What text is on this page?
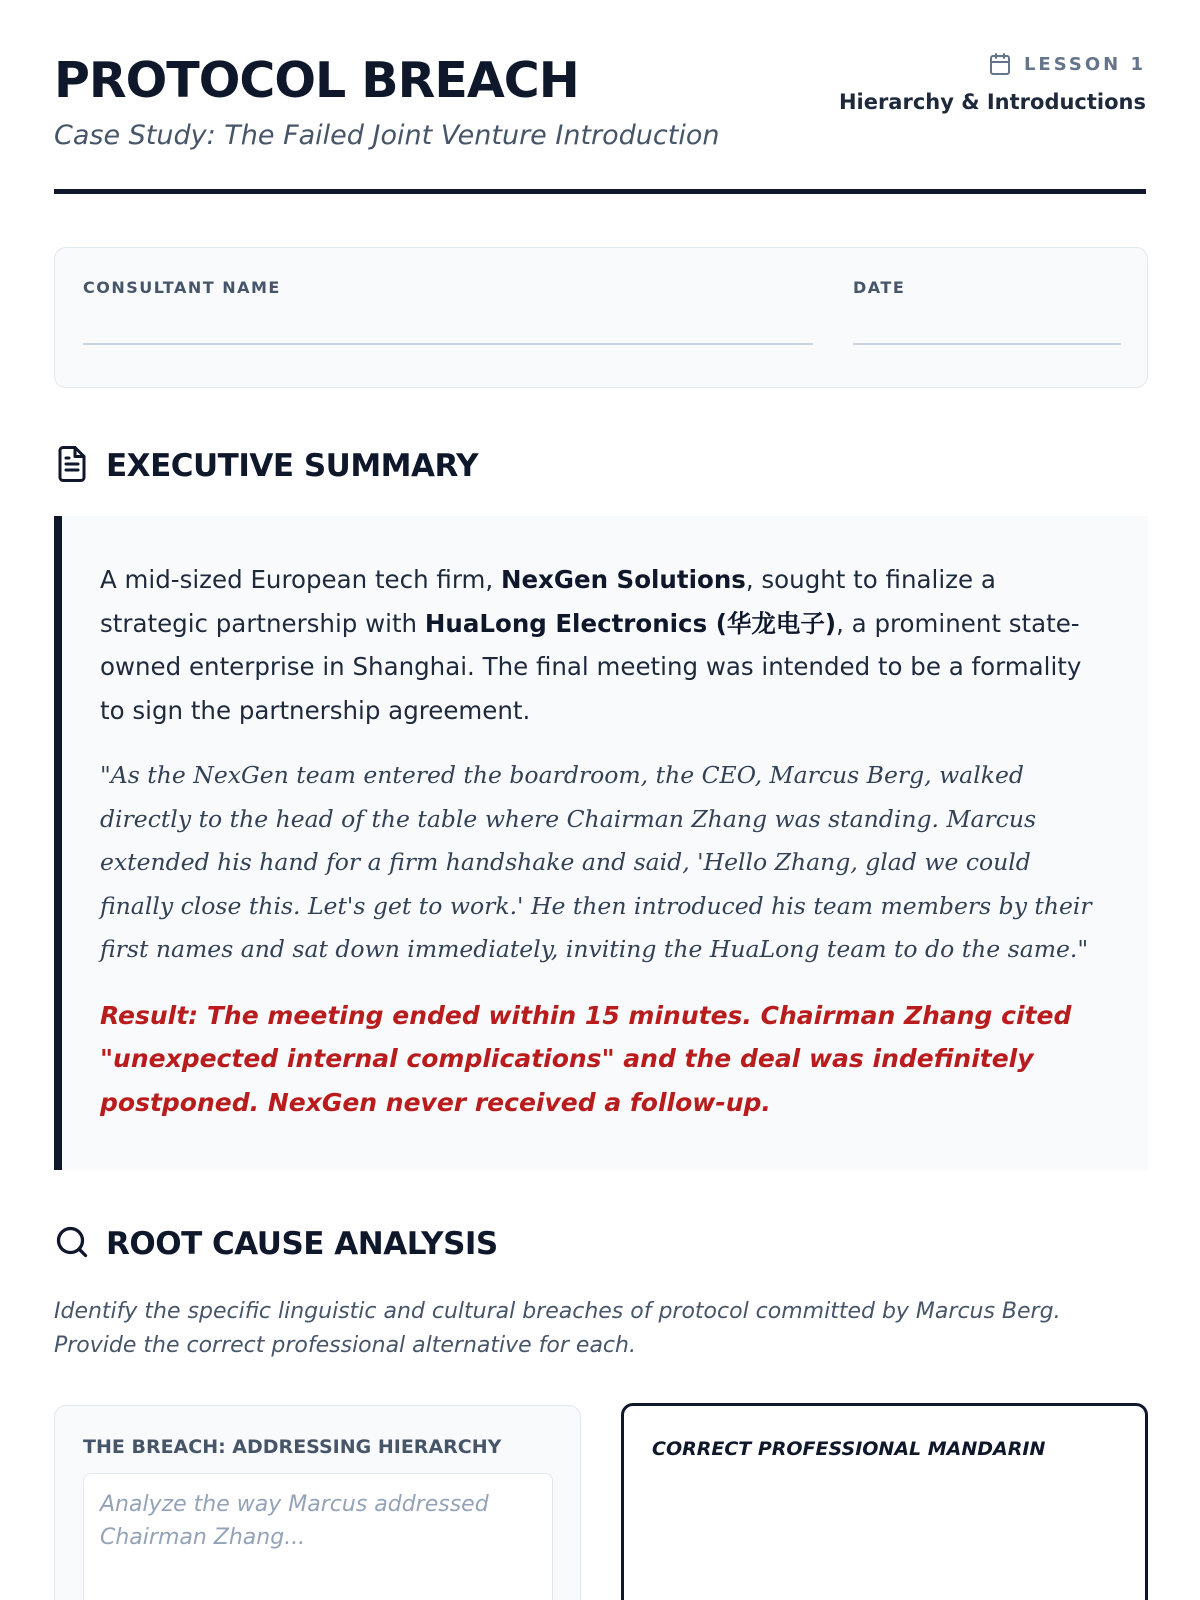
PROTOCOL BREACH
Case Study: The Failed Joint Venture Introduction
LESSON 1
Hierarchy & Introductions
CONSULTANT NAME	DATE
EXECUTIVE SUMMARY

A mid-sized European tech firm, NexGen Solutions, sought to finalize a strategic partnership with HuaLong Electronics (华龙电子), a prominent state-owned enterprise in Shanghai. The final meeting was intended to be a formality to sign the partnership agreement.

"As the NexGen team entered the boardroom, the CEO, Marcus Berg, walked directly to the head of the table where Chairman Zhang was standing. Marcus extended his hand for a firm handshake and said, 'Hello Zhang, glad we could finally close this. Let's get to work.' He then introduced his team members by their first names and sat down immediately, inviting the HuaLong team to do the same."

Result: The meeting ended within 15 minutes. Chairman Zhang cited "unexpected internal complications" and the deal was indefinitely postponed. NexGen never received a follow-up.

ROOT CAUSE ANALYSIS

Identify the specific linguistic and cultural breaches of protocol committed by Marcus Berg. Provide the correct professional alternative for each.

THE BREACH: ADDRESSING HIERARCHY
Analyze the way Marcus addressed Chairman Zhang...	CORRECT PROFESSIONAL MANDARIN
